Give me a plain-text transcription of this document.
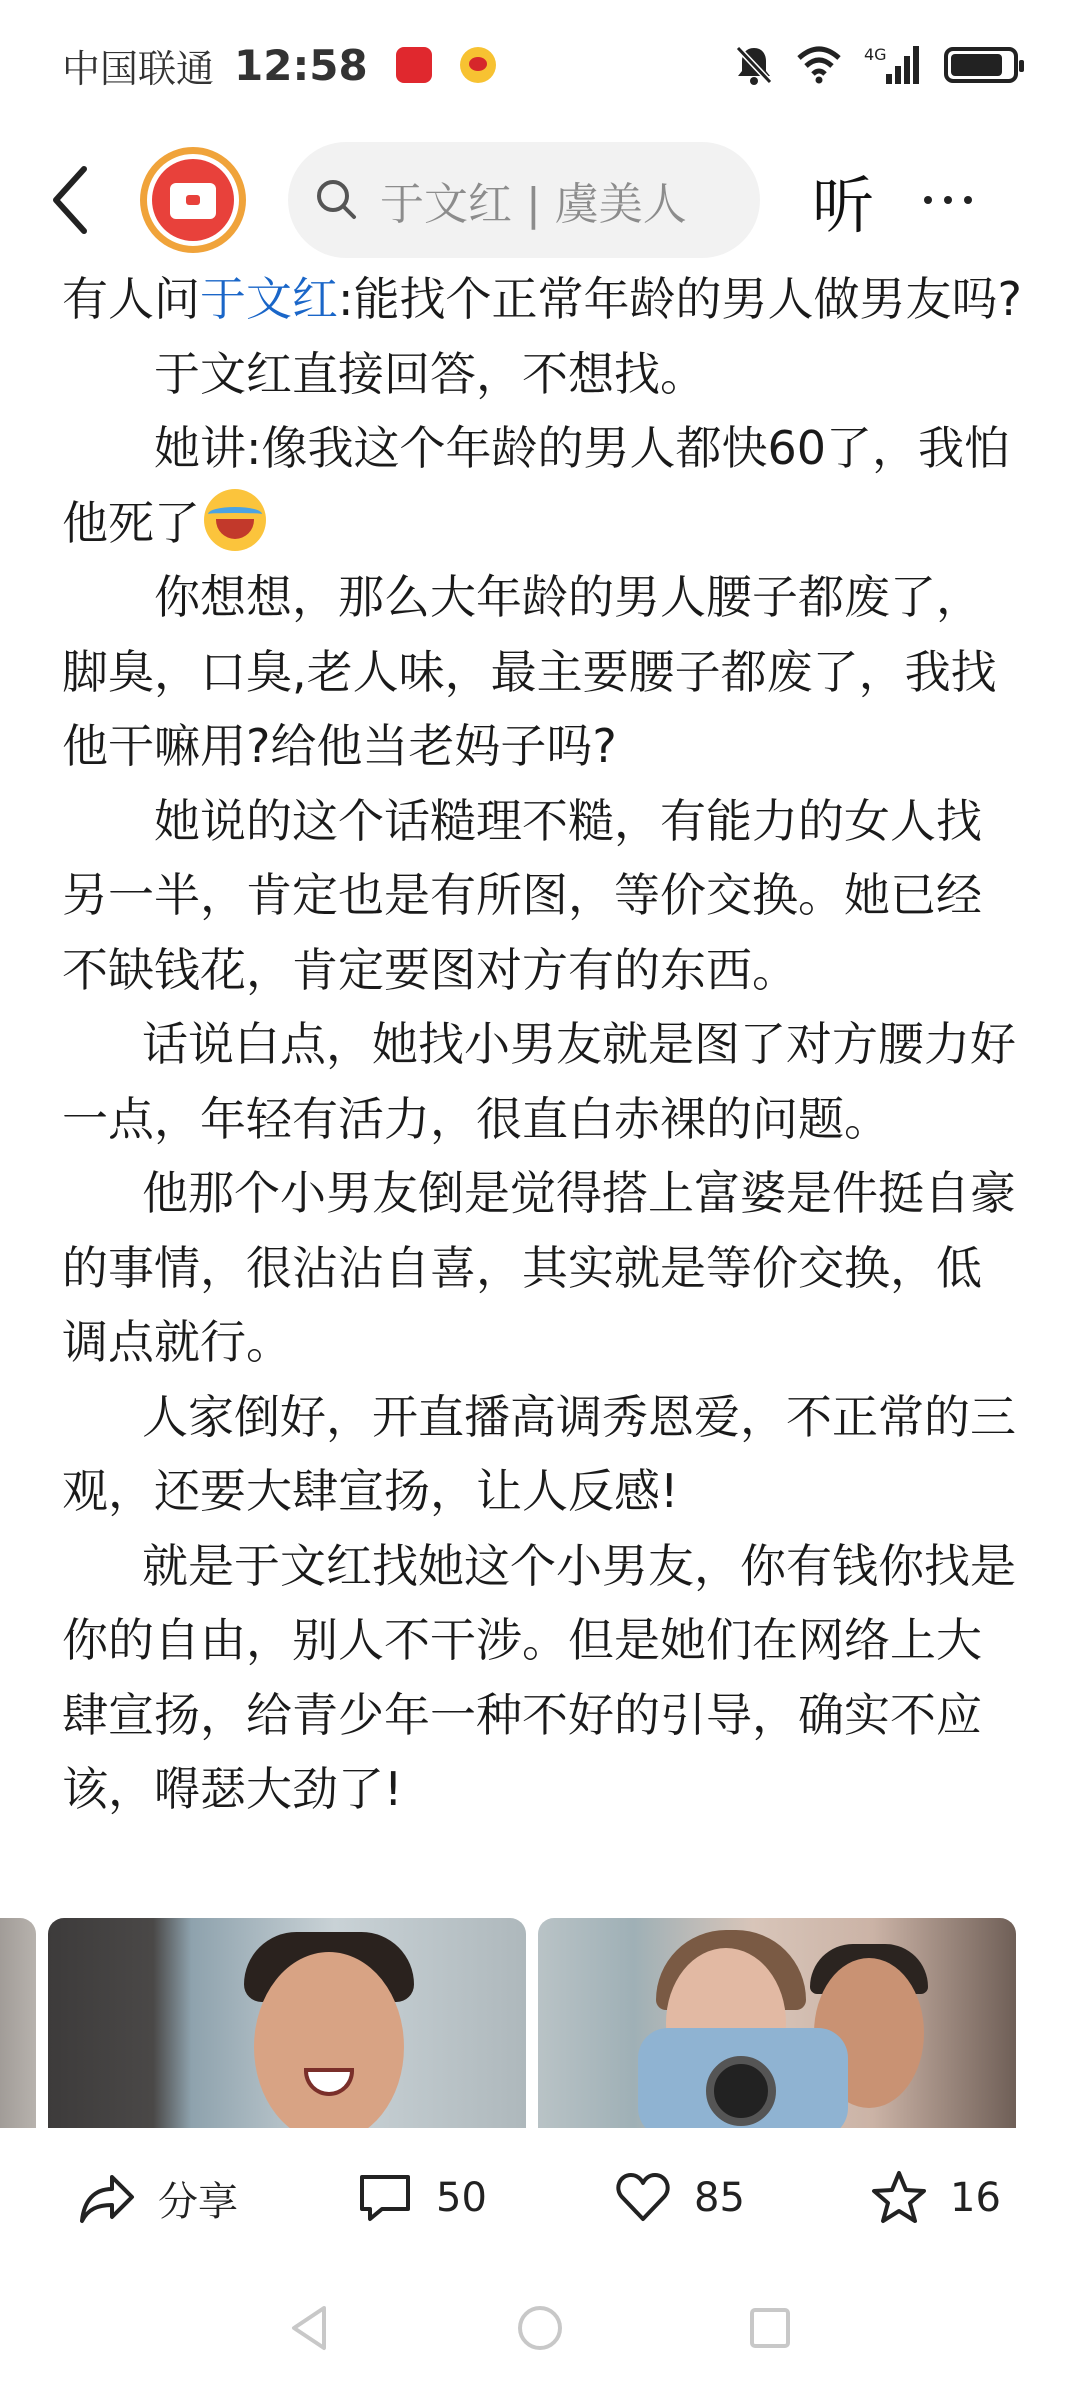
中国联通 12:58	4G
于文红 | 虞美人 听

有人问于文红:能找个正常年龄的男人做男友吗?

于文红直接回答，不想找。

她讲:像我这个年龄的男人都快60了，我怕他死了

你想想，那么大年龄的男人腰子都废了，脚臭，口臭,老人味，最主要腰子都废了，我找他干嘛用?给他当老妈子吗?

她说的这个话糙理不糙，有能力的女人找另一半，肯定也是有所图，等价交换。她已经不缺钱花，肯定要图对方有的东西。

话说白点，她找小男友就是图了对方腰力好一点，年轻有活力，很直白赤裸的问题。

他那个小男友倒是觉得搭上富婆是件挺自豪的事情，很沾沾自喜，其实就是等价交换，低调点就行。

人家倒好，开直播高调秀恩爱，不正常的三观，还要大肆宣扬，让人反感!

就是于文红找她这个小男友，你有钱你找是你的自由，别人不干涉。但是她们在网络上大肆宣扬，给青少年一种不好的引导，确实不应该，嘚瑟大劲了!

分享	50	85	16
